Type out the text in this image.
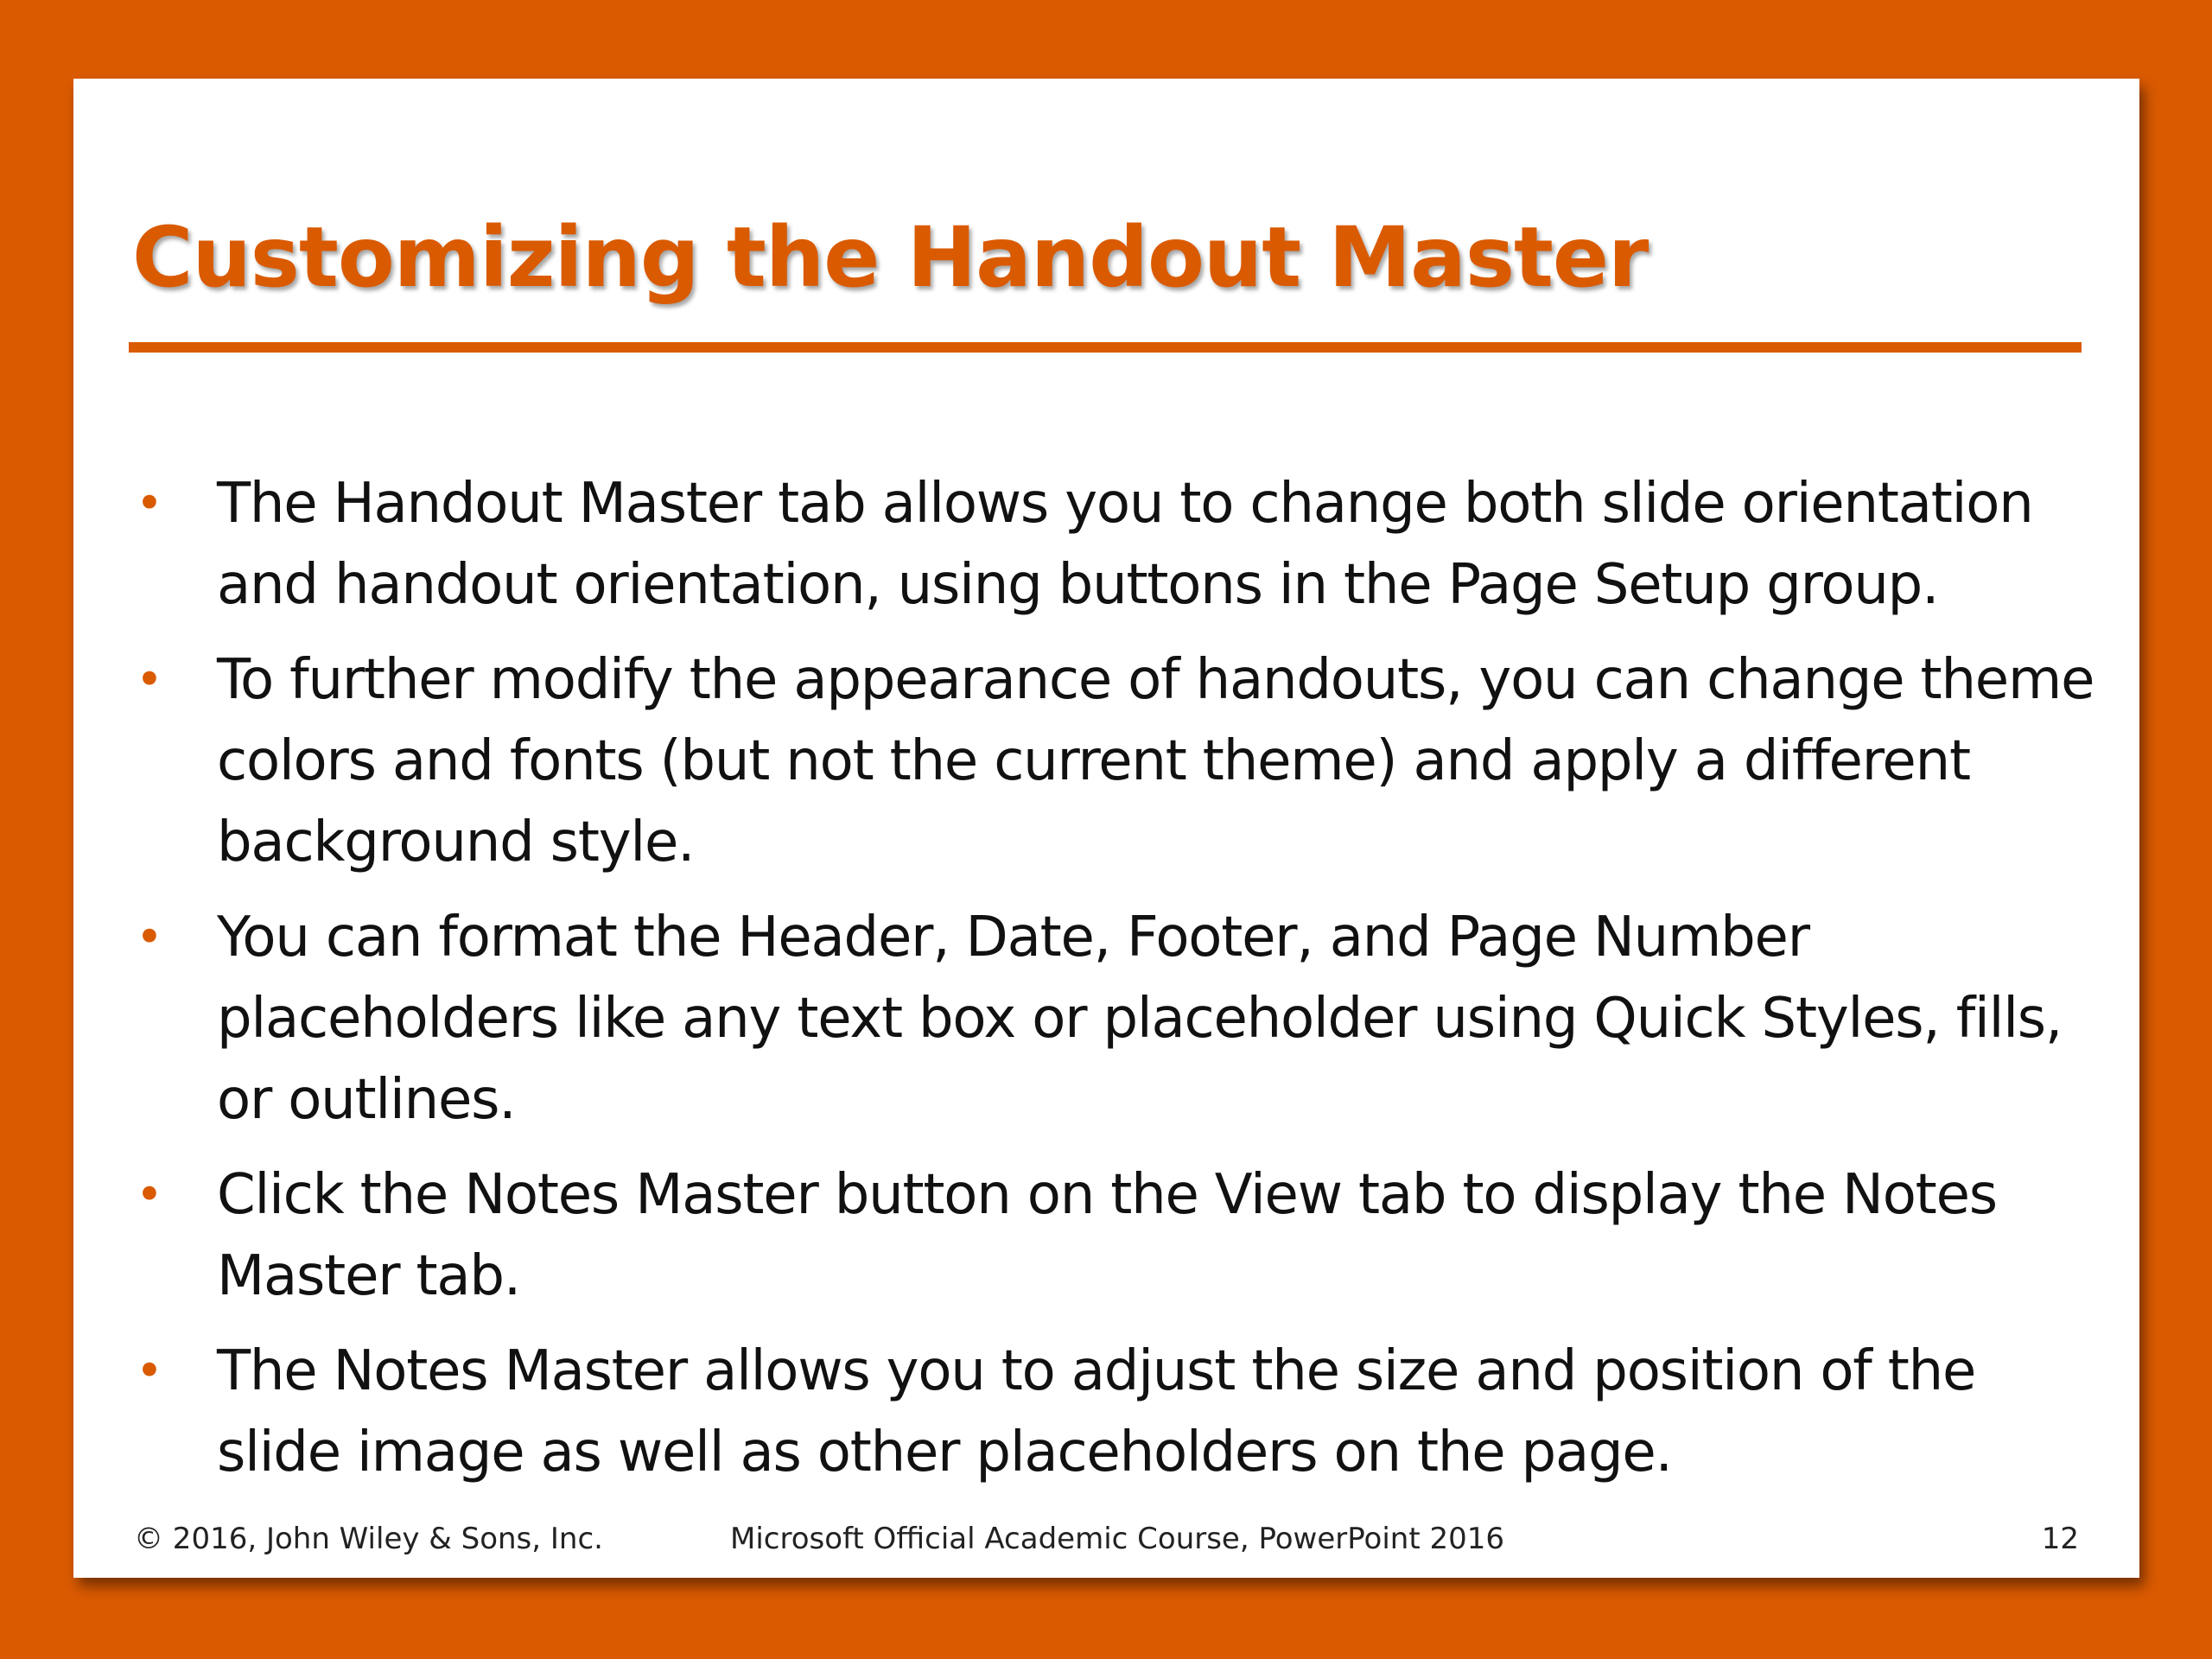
Customizing the Handout Master
• The Handout Master tab allows you to change both slide orientation and handout orientation, using buttons in the Page Setup group.
• To further modify the appearance of handouts, you can change theme colors and fonts (but not the current theme) and apply a different background style.
• You can format the Header, Date, Footer, and Page Number placeholders like any text box or placeholder using Quick Styles, fills, or outlines.
• Click the Notes Master button on the View tab to display the Notes Master tab.
• The Notes Master allows you to adjust the size and position of the slide image as well as other placeholders on the page.
© 2016, John Wiley & Sons, Inc.	Microsoft Official Academic Course, PowerPoint 2016	12
